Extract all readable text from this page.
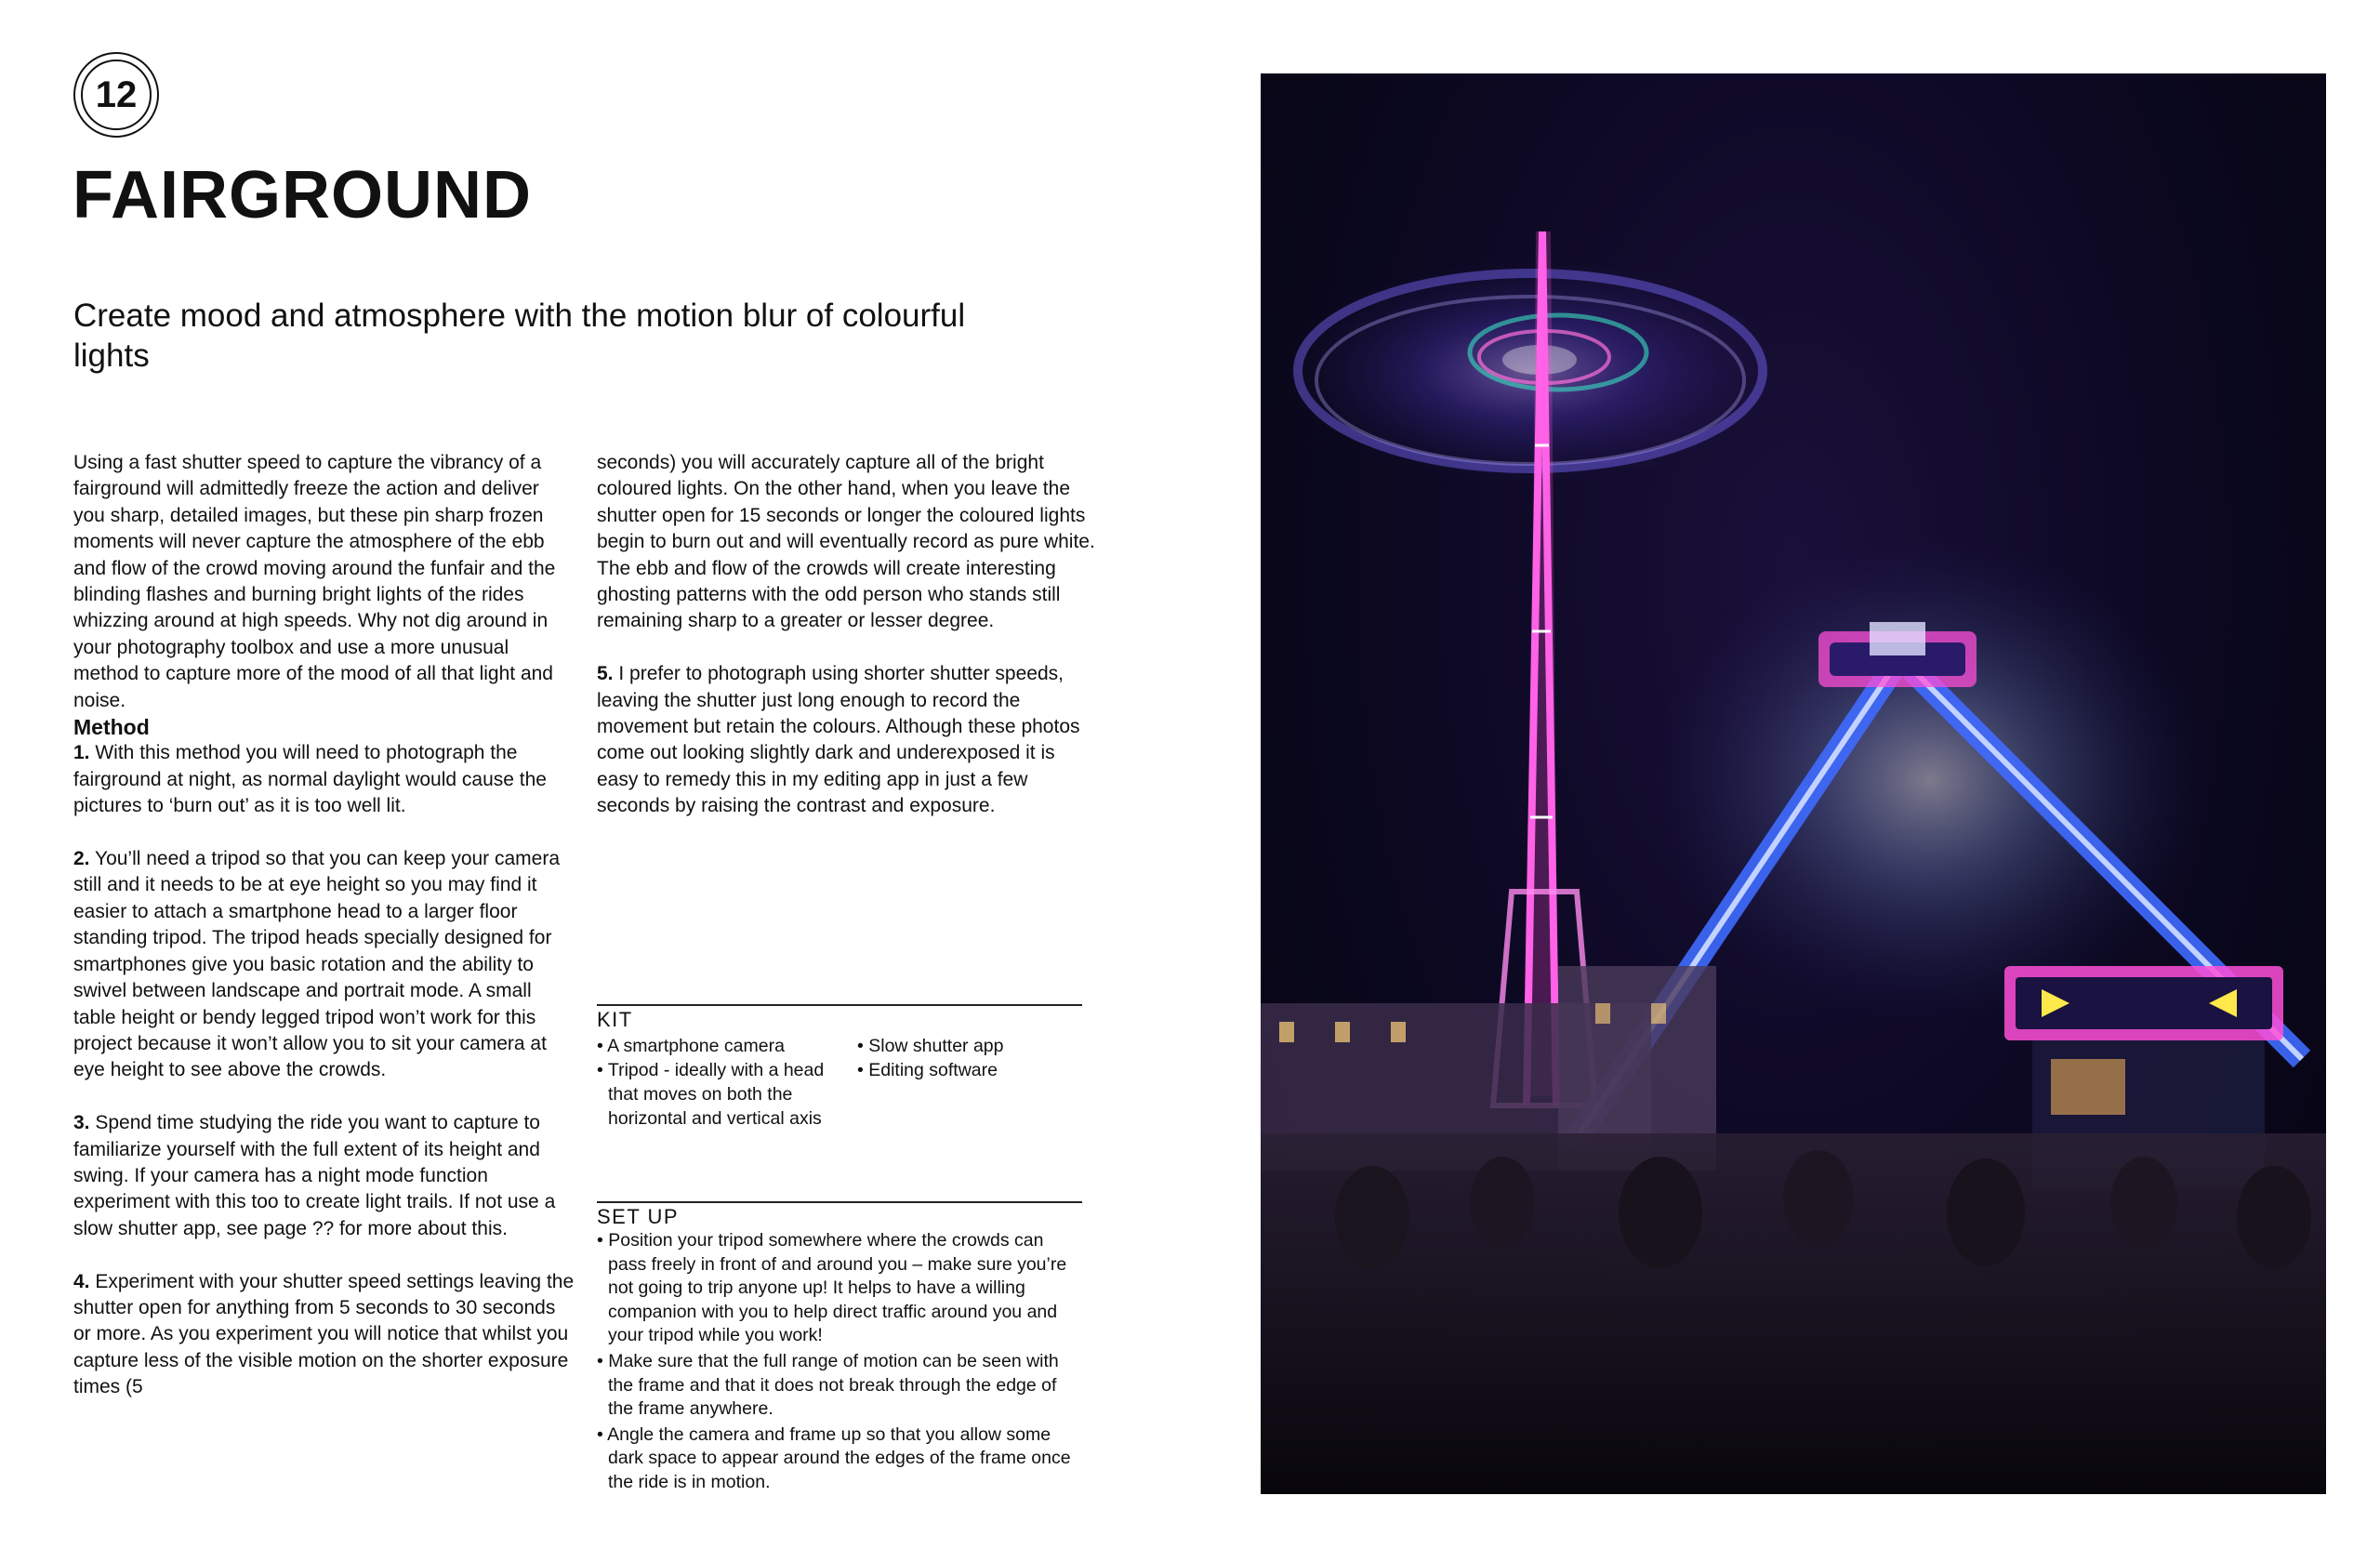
12
FAIRGROUND
Create mood and atmosphere with the motion blur of colourful lights

Using a fast shutter speed to capture the vibrancy of a fairground will admittedly freeze the action and deliver you sharp, detailed images, but these pin sharp frozen moments will never capture the atmosphere of the ebb and flow of the crowd moving around the funfair and the blinding flashes and burning bright lights of the rides whizzing around at high speeds. Why not dig around in your photography toolbox and use a more unusual method to capture more of the mood of all that light and noise.

Method

1. With this method you will need to photograph the fairground at night, as normal daylight would cause the pictures to ‘burn out’ as it is too well lit.

2. You’ll need a tripod so that you can keep your camera still and it needs to be at eye height so you may find it easier to attach a smartphone head to a larger floor standing tripod. The tripod heads specially designed for smartphones give you basic rotation and the ability to swivel between landscape and portrait mode. A small table height or bendy legged tripod won’t work for this project because it won’t allow you to sit your camera at eye height to see above the crowds.

3. Spend time studying the ride you want to capture to familiarize yourself with the full extent of its height and swing. If your camera has a night mode function experiment with this too to create light trails. If not use a slow shutter app, see page ?? for more about this.

4. Experiment with your shutter speed settings leaving the shutter open for anything from 5 seconds to 30 seconds or more. As you experiment you will notice that whilst you capture less of the visible motion on the shorter exposure times (5

seconds) you will accurately capture all of the bright coloured lights. On the other hand, when you leave the shutter open for 15 seconds or longer the coloured lights begin to burn out and will eventually record as pure white. The ebb and flow of the crowds will create interesting ghosting patterns with the odd person who stands still remaining sharp to a greater or lesser degree.

5. I prefer to photograph using shorter shutter speeds, leaving the shutter just long enough to record the movement but retain the colours. Although these photos come out looking slightly dark and underexposed it is easy to remedy this in my editing app in just a few seconds by raising the contrast and exposure.

KIT
• A smartphone camera
• Tripod - ideally with a head that moves on both the horizontal and vertical axis
• Slow shutter app
• Editing software
SET UP
• Position your tripod somewhere where the crowds can pass freely in front of and around you – make sure you’re not going to trip anyone up! It helps to have a willing companion with you to help direct traffic around you and your tripod while you work!
• Make sure that the full range of motion can be seen with the frame and that it does not break through the edge of the frame anywhere.
• Angle the camera and frame up so that you allow some dark space to appear around the edges of the frame once the ride is in motion.
